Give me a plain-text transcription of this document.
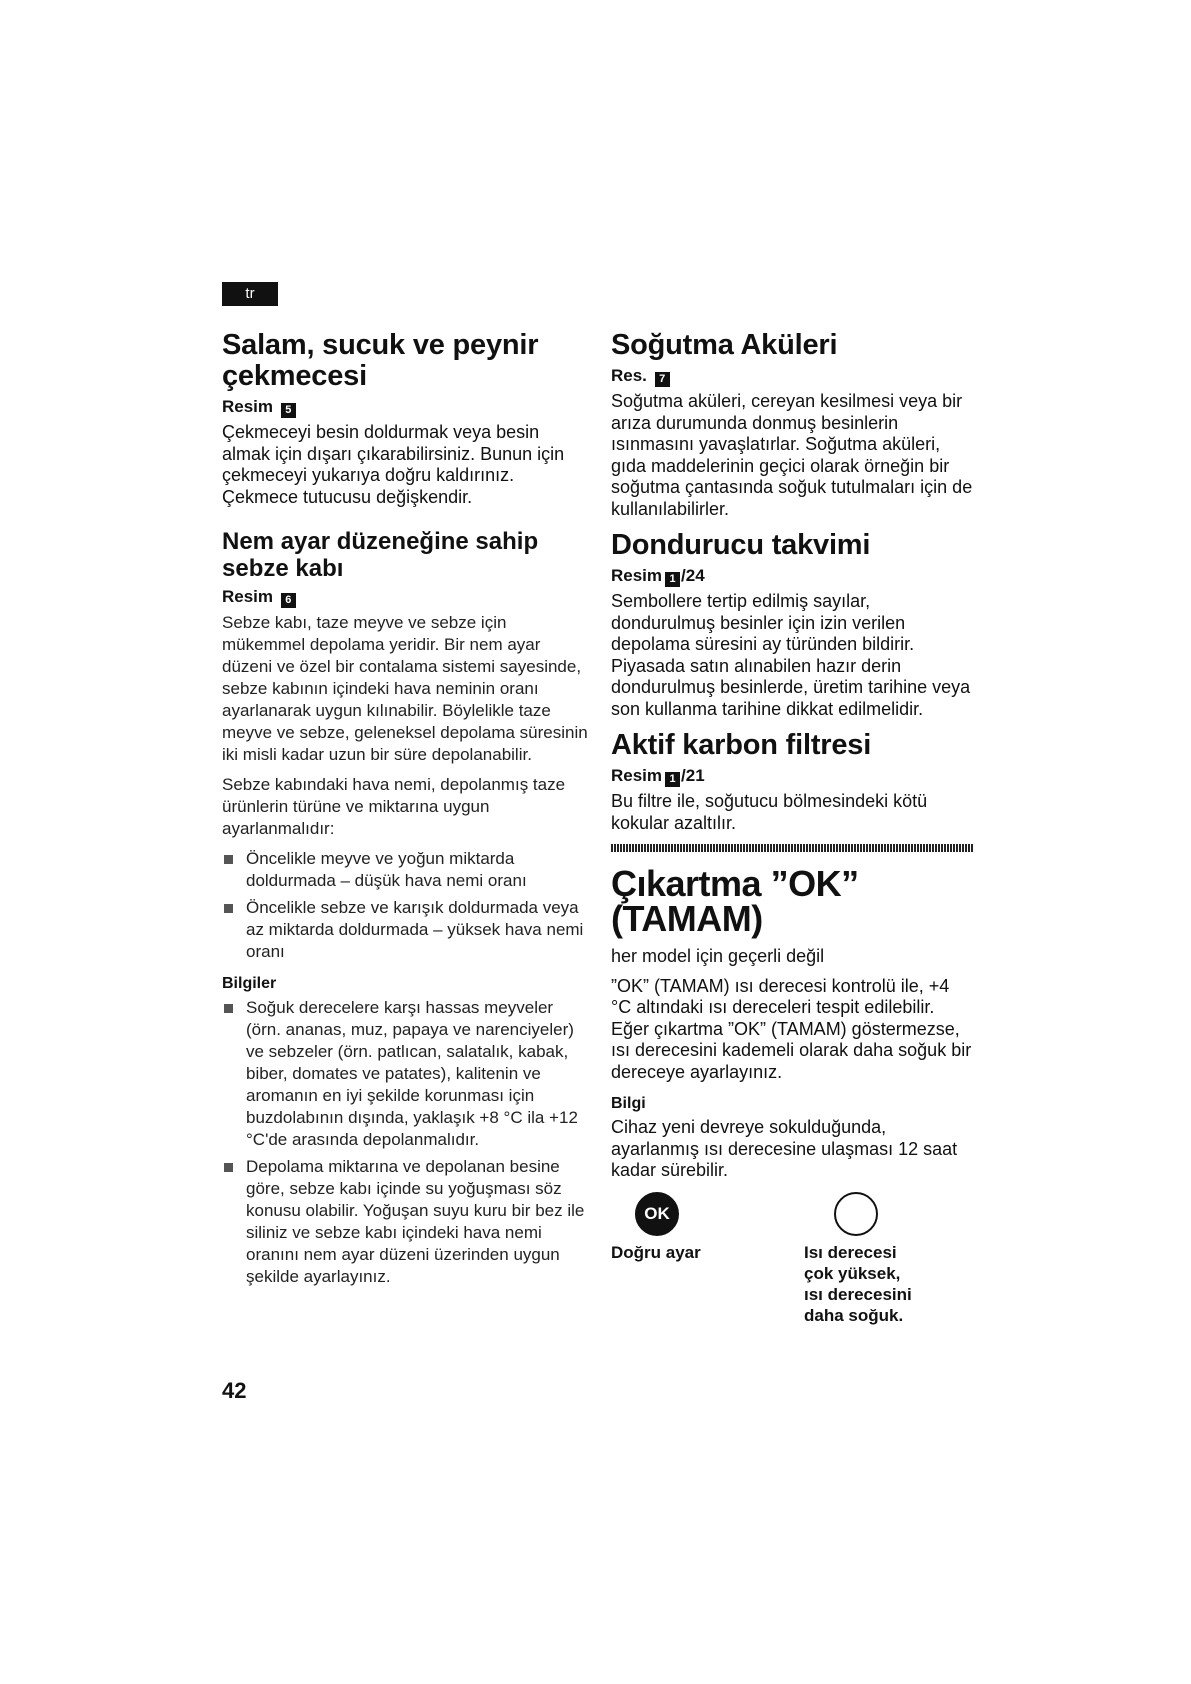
tr
Salam, sucuk ve peynir çekmecesi
Resim 5

Çekmeceyi besin doldurmak veya besin almak için dışarı çıkarabilirsiniz. Bunun için çekmeceyi yukarıya doğru kaldırınız. Çekmece tutucusu değişkendir.

Nem ayar düzeneğine sahip sebze kabı
Resim 6

Sebze kabı, taze meyve ve sebze için mükemmel depolama yeridir. Bir nem ayar düzeni ve özel bir contalama sistemi sayesinde, sebze kabının içindeki hava neminin oranı ayarlanarak uygun kılınabilir. Böylelikle taze meyve ve sebze, geleneksel depolama süresinin iki misli kadar uzun bir süre depolanabilir.

Sebze kabındaki hava nemi, depolanmış taze ürünlerin türüne ve miktarına uygun ayarlanmalıdır:

Öncelikle meyve ve yoğun miktarda doldurmada – düşük hava nemi oranı
Öncelikle sebze ve karışık doldurmada veya az miktarda doldurmada – yüksek hava nemi oranı
Bilgiler
Soğuk derecelere karşı hassas meyveler (örn. ananas, muz, papaya ve narenciyeler) ve sebzeler (örn. patlıcan, salatalık, kabak, biber, domates ve patates), kalitenin ve aromanın en iyi şekilde korunması için buzdolabının dışında, yaklaşık +8 °C ila +12 °C'de arasında depolanmalıdır.
Depolama miktarına ve depolanan besine göre, sebze kabı içinde su yoğuşması söz konusu olabilir. Yoğuşan suyu kuru bir bez ile siliniz ve sebze kabı içindeki hava nemi oranını nem ayar düzeni üzerinden uygun şekilde ayarlayınız.
42
Soğutma Aküleri
Res. 7

Soğutma aküleri, cereyan kesilmesi veya bir arıza durumunda donmuş besinlerin ısınmasını yavaşlatırlar. Soğutma aküleri, gıda maddelerinin geçici olarak örneğin bir soğutma çantasında soğuk tutulmaları için de kullanılabilirler.

Dondurucu takvimi
Resim 1 /24

Sembollere tertip edilmiş sayılar, dondurulmuş besinler için izin verilen depolama süresini ay türünden bildirir. Piyasada satın alınabilen hazır derin dondurulmuş besinlerde, üretim tarihine veya son kullanma tarihine dikkat edilmelidir.

Aktif karbon filtresi
Resim 1 /21

Bu filtre ile, soğutucu bölmesindeki kötü kokular azaltılır.

Çıkartma ”OK” (TAMAM)

her model için geçerli değil

”OK” (TAMAM) ısı derecesi kontrolü ile, +4 °C altındaki ısı dereceleri tespit edilebilir. Eğer çıkartma ”OK” (TAMAM) göstermezse, ısı derecesini kademeli olarak daha soğuk bir dereceye ayarlayınız.

Bilgi

Cihaz yeni devreye sokulduğunda, ayarlanmış ısı derecesine ulaşması 12 saat kadar sürebilir.

OK
Doğru ayar	Isı derecesi
çok yüksek,
ısı derecesini
daha soğuk.
